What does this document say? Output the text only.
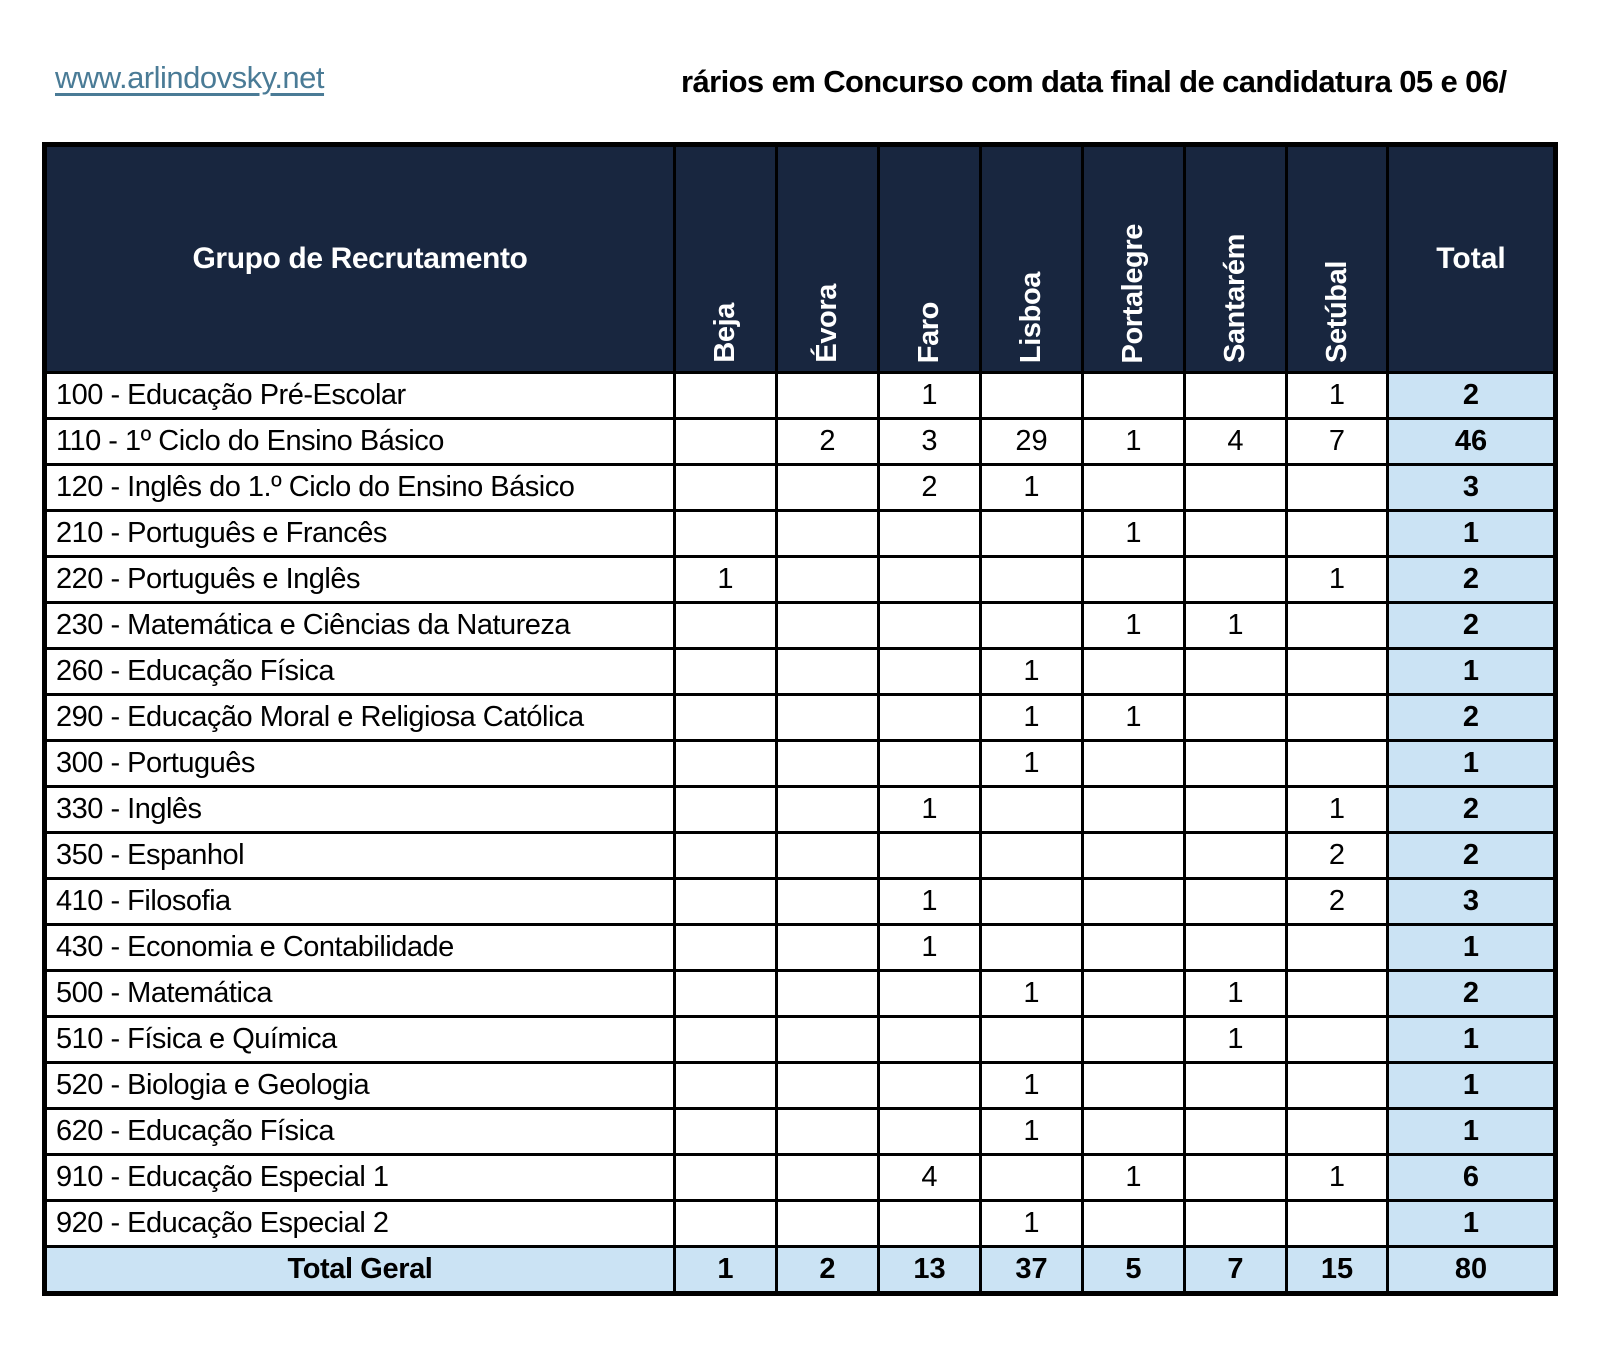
www.arlindovsky.net	rários em Concurso com data final de candidatura 05 e 06/
Grupo de Recrutamento	Beja	Évora	Faro	Lisboa	Portalegre	Santarém	Setúbal	Total
100 - Educação Pré-Escolar			1				1	2
110 - 1º Ciclo do Ensino Básico		2	3	29	1	4	7	46
120 - Inglês do 1.º Ciclo do Ensino Básico			2	1				3
210 - Português e Francês					1			1
220 - Português e Inglês	1						1	2
230 - Matemática e Ciências da Natureza					1	1		2
260 - Educação Física				1				1
290 - Educação Moral e Religiosa Católica				1	1			2
300 - Português				1				1
330 - Inglês			1				1	2
350 - Espanhol							2	2
410 - Filosofia			1				2	3
430 - Economia e Contabilidade			1					1
500 - Matemática				1		1		2
510 - Física e Química						1		1
520 - Biologia e Geologia				1				1
620 - Educação Física				1				1
910 - Educação Especial 1			4		1		1	6
920 - Educação Especial 2				1				1
Total Geral	1	2	13	37	5	7	15	80
